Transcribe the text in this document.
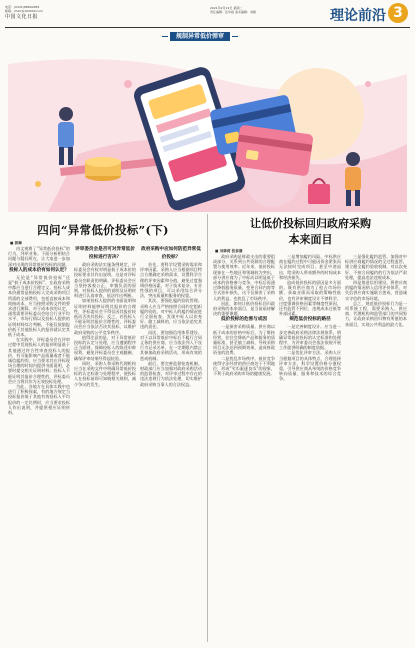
电话：(0431)88600389
邮箱：zhxh@100000.com
中国文化日报
2021年2月19日 星期二
责任编辑：张华娟 美术编辑：刘敏	理论前沿 3
规制异常低价弹审
四问“异常低价投标”(下)
■ 郭琳

由文观赛了“异常低价投标”的行为，列举业务。下面分析相结合问题与疑问所在，让大家进一步加深对出现的异常低价投标的问题。

投标人的成本价有如何认定？

无论是“异常低价投标”还是“低于成本价投标”，在政府采购中都应当进行合理定义。投标人成本价通常是指投标人完成采购项目所需的全部费用，包括直接成本和间接成本，应当按照采购文件的要求进行测算。对于成本价的认定，通常需要评标委员会结合行业平均水平、市场行情以及投标人提供的证明材料综合判断，不能仅依据报价低于其他投标人的报价就认定其低于成本。

在实践中，评标委员会在评审过程中发现投标人的报价明显低于其他通过符合性审查投标人的报价，有可能影响产品质量或者不能诚信履约的，应当要求其在评标现场合理的时间内提供书面说明，必要时提交相关证明材料；投标人不能证明其报价合理性的，评标委员会应当将其作为无效投标处理。

为此，各地方在具体实践中也进行了积极探索，有的地方规定当投标报价低于其他有效投标人平均报价的一定比例时，应当要求投标人作出说明，并提供相应证明材料。

评审委员会是否可对异常低价投标进行否决？

政府采购法实施条例规定，评标委员会有权对明显低于成本价的投标要求其作出说明，这是对评标委员会职责的明确。评标委员会应当坚持客观公正、审慎负责的原则，对投标人提供的说明及证明材料进行认真审查，依法作出判断。

如果投标人提供的书面说明和证明材料能够证明其报价的合理性，评标委员会不得仅因其报价较低而否决其投标；反之，若投标人不能证明其报价合理性的，评标委员会应当依法否决其投标，以维护政府采购的公平竞争秩序。

值得注意的是，对于异常低价投标的认定与处理，应当遵循程序正当原则，保障投标人的陈述申辩权利，避免评标委员会主观臆断，确保评审结果经得起检验。

同时，采购人和采购代理机构应当在采购文件中明确异常低价投标的认定标准与处理程序，使投标人在投标前即可知晓相关规则，减少争议的发生。

政府采购中应如何防范异常低价投标？

首先，要科学设置采购需求和评审因素。采购人应当根据项目特点合理确定采购需求，设置科学合理的评审因素和分值，避免过度强调价格因素。对于技术复杂、专业性强的项目，可以采用综合评分法，突出质量和服务的权重。

其次，要强化履约验收管理。采购人应当严格按照合同约定组织履约验收，对中标人的履约情况进行全面检查，发现中标人以次充好、偷工减料的，应当依法追究其违约责任。

再次，要加强信用体系建设。对于以异常低价中标后不履行合同义务的供应商，应当依法列入不良行为记录名单，在一定期限内禁止其参加政府采购活动，形成有效的惩戒机制。

最后，要完善监督检查机制。财政部门应当加强对政府采购活动的监督检查，对评审过程中存在的违法违规行为依法处理，切实维护政府采购当事人的合法权益。

让低价投标回归政府采购
本来面目
■ 刘修莉 张泰谦

政府采购是财政支出的重要组成部分，关系到公共资源的合理配置与使用效率。近年来，低价投标现象在一些地区和领域较为突出，部分供应商为了中标而以明显低于成本的价格参与竞争，中标后再通过降低服务质量、变更合同内容等方式弥补损失，这不仅损害了采购人的利益，也扰乱了市场秩序。

因此，如何让低价投标回归政府采购的本来面目，是当前亟待解决的重要课题。

低价投标的危害与成因

一是损害采购质量。供应商以低于成本的价格中标后，为了维持经营，往往会降低产品和服务的质量标准，甚至偷工减料，导致采购项目无法达到预期效果，造成财政资金的浪费。

二是扰乱市场秩序。低价竞争使得守法经营的供应商处于不利地位，形成“劣币驱逐良币”的现象，不利于政府采购市场的健康发展。

三是增加履约风险。中标供应商在履约过程中可能因资金紧张而无法按时完成项目，甚至中途退出，给采购人带来额外的时间成本和经济损失。

造成低价投标的原因是多方面的，既有供应商为了抢占市场份额、获取业绩而采取的策略性低价，也有评审制度设计不够科学、过度强调价格因素等制度性原因，还有监管不到位、违规成本过低等外部因素。

规范低价投标的路径

一是完善制度设计。应当进一步完善政府采购法律法规体系，明确异常低价投标的认定标准和处理程序，为评审委员会依法依规开展工作提供明确的制度依据。

二是优化评审方法。采购人应当根据项目的具体特点，合理选择评审方法，科学设置价格分值权重，引导供应商从单纯的价格竞争转向质量、服务和技术的综合竞争。

三是强化履约监管。加强对中标供应商履约情况的全过程监管，建立健全履约验收机制，对以次充好、不按合同履约的行为依法严肃处理，提高违法违规成本。

四是推进信用建设。将供应商的履约情况纳入信用评价体系，对失信供应商实施联合惩戒，营造诚实守信的市场环境。

总之，规范低价投标行为是一项系统工程，需要采购人、供应商、代理机构和监管部门的共同努力，让政府采购回归物有所值的本来面目，实现公共利益的最大化。
